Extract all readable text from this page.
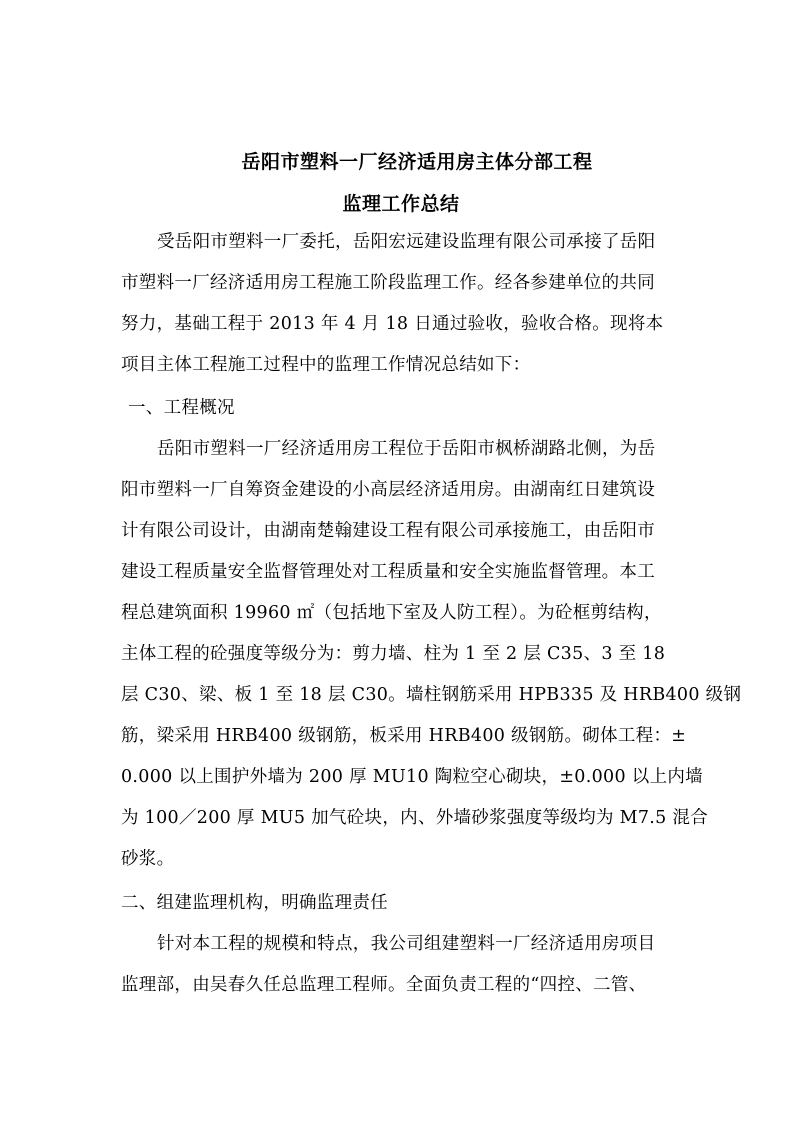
岳阳市塑料一厂经济适用房主体分部工程
监理工作总结
受岳阳市塑料一厂委托，岳阳宏远建设监理有限公司承接了岳阳
市塑料一厂经济适用房工程施工阶段监理工作。经各参建单位的共同
努力，基础工程于 2013 年 4 月 18 日通过验收，验收合格。现将本
项目主体工程施工过程中的监理工作情况总结如下：
一、工程概况
岳阳市塑料一厂经济适用房工程位于岳阳市枫桥湖路北侧，为岳
阳市塑料一厂自筹资金建设的小高层经济适用房。由湖南红日建筑设
计有限公司设计，由湖南楚翰建设工程有限公司承接施工，由岳阳市
建设工程质量安全监督管理处对工程质量和安全实施监督管理。本工
程总建筑面积 19960 ㎡（包括地下室及人防工程）。为砼框剪结构，
主体工程的砼强度等级分为：剪力墙、柱为 1 至 2 层 C35、3 至 18
层 C30、梁、板 1 至 18 层 C30。墙柱钢筋采用 HPB335 及 HRB400 级钢
筋，梁采用 HRB400 级钢筋，板采用 HRB400 级钢筋。砌体工程：±
0.000 以上围护外墙为 200 厚 MU10 陶粒空心砌块，±0.000 以上内墙
为 100／200 厚 MU5 加气砼块，内、外墙砂浆强度等级均为 M7.5 混合
砂浆。
二、组建监理机构，明确监理责任
针对本工程的规模和特点，我公司组建塑料一厂经济适用房项目
监理部，由吴春久任总监理工程师。全面负责工程的“四控、二管、
